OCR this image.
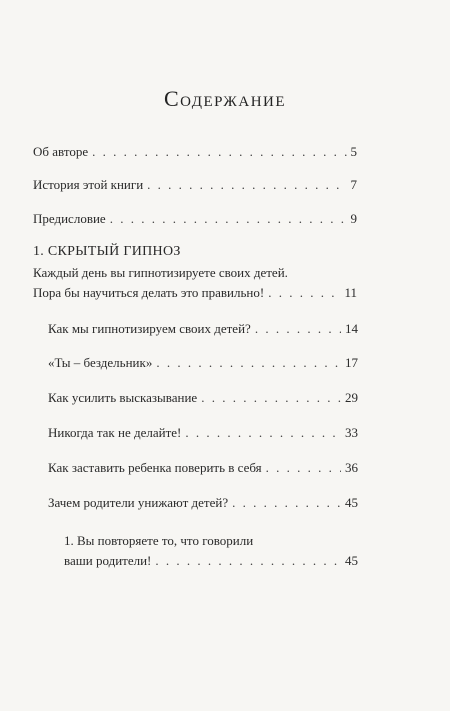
Содержание
Об авторе . . .	5
История этой книги . . .	7
Предисловие . . .	9
1. СКРЫТЫЙ ГИПНОЗ
Каждый день вы гипнотизируете своих детей.
Пора бы научиться делать это правильно! . . .	11
Как мы гипнотизируем своих детей? . . .	14
«Ты – бездельник» . . .	17
Как усилить высказывание . . .	29
Никогда так не делайте! . . .	33
Как заставить ребенка поверить в себя . . .	36
Зачем родители унижают детей? . . .	45
1. Вы повторяете то, что говорили
ваши родители! . . .	45
